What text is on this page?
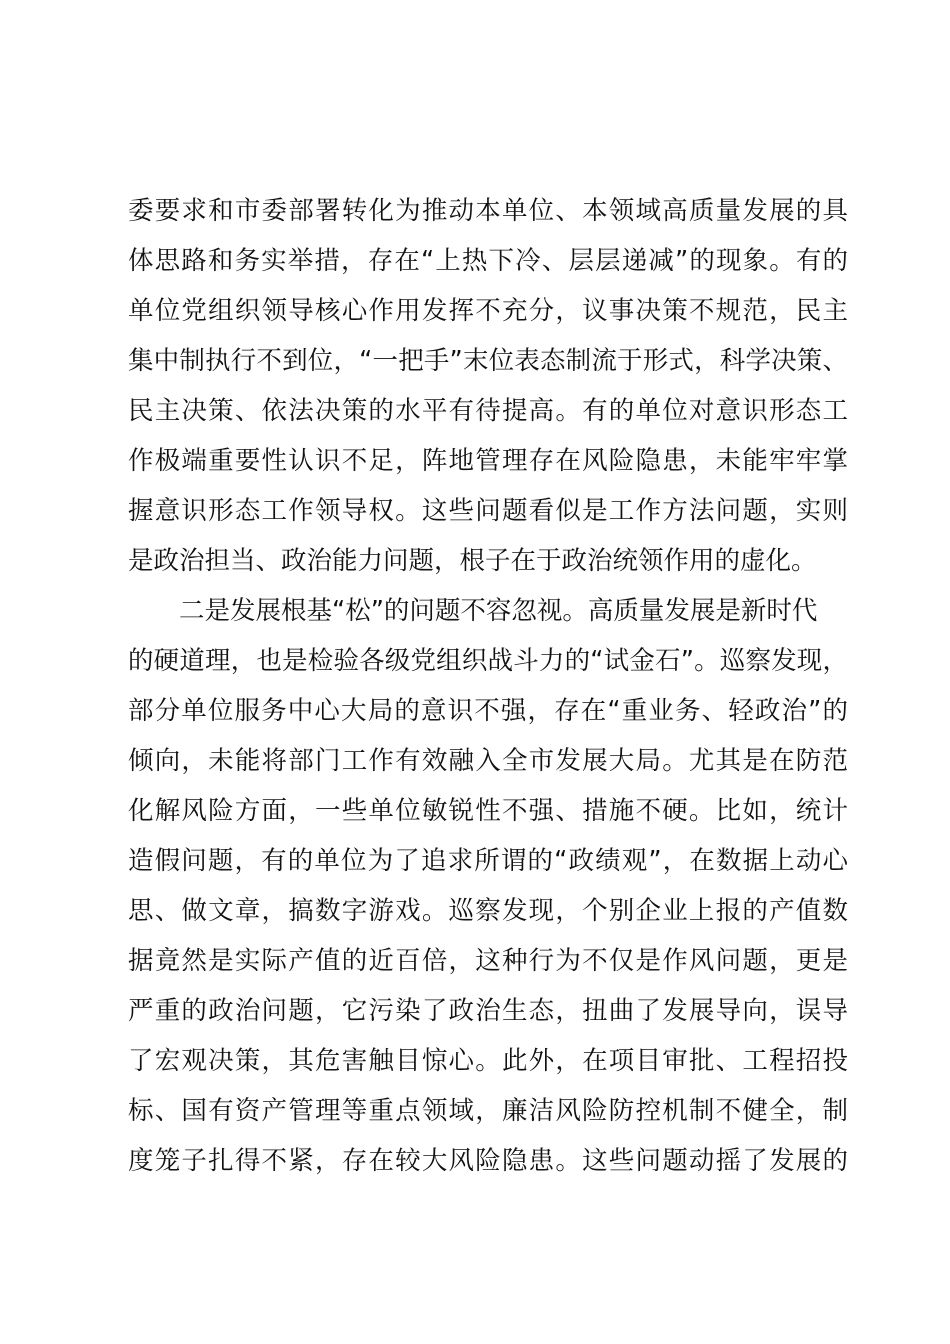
委要求和市委部署转化为推动本单位、本领域高质量发展的具
体思路和务实举措，存在“上热下冷、层层递减”的现象。有的
单位党组织领导核心作用发挥不充分，议事决策不规范，民主
集中制执行不到位，“一把手”末位表态制流于形式，科学决策、
民主决策、依法决策的水平有待提高。有的单位对意识形态工
作极端重要性认识不足，阵地管理存在风险隐患，未能牢牢掌
握意识形态工作领导权。这些问题看似是工作方法问题，实则
是政治担当、政治能力问题，根子在于政治统领作用的虚化。
　　二是发展根基“松”的问题不容忽视。高质量发展是新时代
的硬道理，也是检验各级党组织战斗力的“试金石”。巡察发现，
部分单位服务中心大局的意识不强，存在“重业务、轻政治”的
倾向，未能将部门工作有效融入全市发展大局。尤其是在防范
化解风险方面，一些单位敏锐性不强、措施不硬。比如，统计
造假问题，有的单位为了追求所谓的“政绩观”，在数据上动心
思、做文章，搞数字游戏。巡察发现，个别企业上报的产值数
据竟然是实际产值的近百倍，这种行为不仅是作风问题，更是
严重的政治问题，它污染了政治生态，扭曲了发展导向，误导
了宏观决策，其危害触目惊心。此外，在项目审批、工程招投
标、国有资产管理等重点领域，廉洁风险防控机制不健全，制
度笼子扎得不紧，存在较大风险隐患。这些问题动摇了发展的
